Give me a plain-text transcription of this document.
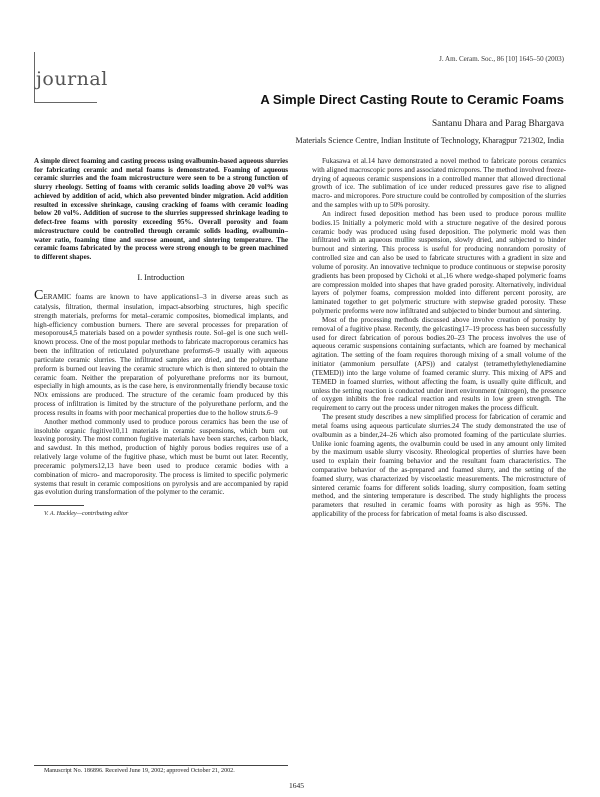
journal
J. Am. Ceram. Soc., 86 [10] 1645–50 (2003)
A Simple Direct Casting Route to Ceramic Foams
Santanu Dhara and Parag Bhargava
Materials Science Centre, Indian Institute of Technology, Kharagpur 721302, India

A simple direct foaming and casting process using ovalbumin-based aqueous slurries for fabricating ceramic and metal foams is demonstrated. Foaming of aqueous ceramic slurries and the foam microstructure were seen to be a strong function of slurry rheology. Setting of foams with ceramic solids loading above 20 vol% was achieved by addition of acid, which also prevented binder migration. Acid addition resulted in excessive shrinkage, causing cracking of foams with ceramic loading below 20 vol%. Addition of sucrose to the slurries suppressed shrinkage leading to defect-free foams with porosity exceeding 95%. Overall porosity and foam microstructure could be controlled through ceramic solids loading, ovalbumin–water ratio, foaming time and sucrose amount, and sintering temperature. The ceramic foams fabricated by the process were strong enough to be green machined to different shapes.

I. Introduction

CERAMIC foams are known to have applications1–3 in diverse areas such as catalysis, filtration, thermal insulation, impact-absorbing structures, high specific strength materials, preforms for metal–ceramic composites, biomedical implants, and high-efficiency combustion burners. There are several processes for preparation of mesoporous4,5 materials based on a powder synthesis route. Sol–gel is one such well-known process. One of the most popular methods to fabricate macroporous ceramics has been the infiltration of reticulated polyurethane preforms6–9 usually with aqueous particulate ceramic slurries. The infiltrated samples are dried, and the polyurethane preform is burned out leaving the ceramic structure which is then sintered to obtain the ceramic foam. Neither the preparation of polyurethane preforms nor its burnout, especially in high amounts, as is the case here, is environmentally friendly because toxic NOx emissions are produced. The structure of the ceramic foam produced by this process of infiltration is limited by the structure of the polyurethane perform, and the process results in foams with poor mechanical properties due to the hollow struts.6–9

Another method commonly used to produce porous ceramics has been the use of insoluble organic fugitive10,11 materials in ceramic suspensions, which burn out leaving porosity. The most common fugitive materials have been starches, carbon black, and sawdust. In this method, production of highly porous bodies requires use of a relatively large volume of the fugitive phase, which must be burnt out later. Recently, preceramic polymers12,13 have been used to produce ceramic bodies with a combination of micro- and macroporosity. The process is limited to specific polymeric systems that result in ceramic compositions on pyrolysis and are accompanied by rapid gas evolution during transformation of the polymer to the ceramic.

V. A. Hackley—contributing editor

Manuscript No. 186896. Received June 19, 2002; approved October 21, 2002.

Fukasawa et al.14 have demonstrated a novel method to fabricate porous ceramics with aligned macroscopic pores and associated micropores. The method involved freeze-drying of aqueous ceramic suspensions in a controlled manner that allowed directional growth of ice. The sublimation of ice under reduced pressures gave rise to aligned macro- and micropores. Pore structure could be controlled by composition of the slurries and the samples with up to 50% porosity.

An indirect fused deposition method has been used to produce porous mullite bodies.15 Initially a polymeric mold with a structure negative of the desired porous ceramic body was produced using fused deposition. The polymeric mold was then infiltrated with an aqueous mullite suspension, slowly dried, and subjected to binder burnout and sintering. This process is useful for producing nonrandom porosity of controlled size and can also be used to fabricate structures with a gradient in size and volume of porosity. An innovative technique to produce continuous or stepwise porosity gradients has been proposed by Cichoki et al.,16 where wedge-shaped polymeric foams are compression molded into shapes that have graded porosity. Alternatively, individual layers of polymer foams, compression molded into different percent porosity, are laminated together to get polymeric structure with stepwise graded porosity. These polymeric preforms were now infiltrated and subjected to binder burnout and sintering.

Most of the processing methods discussed above involve creation of porosity by removal of a fugitive phase. Recently, the gelcasting17–19 process has been successfully used for direct fabrication of porous bodies.20–23 The process involves the use of aqueous ceramic suspensions containing surfactants, which are foamed by mechanical agitation. The setting of the foam requires thorough mixing of a small volume of the initiator (ammonium persulfate (APS)) and catalyst (tetramethylethylenediamine (TEMED)) into the large volume of foamed ceramic slurry. This mixing of APS and TEMED in foamed slurries, without affecting the foam, is usually quite difficult, and unless the setting reaction is conducted under inert environment (nitrogen), the presence of oxygen inhibits the free radical reaction and results in low green strength. The requirement to carry out the process under nitrogen makes the process difficult.

The present study describes a new simplified process for fabrication of ceramic and metal foams using aqueous particulate slurries.24 The study demonstrated the use of ovalbumin as a binder,24–26 which also promoted foaming of the particulate slurries. Unlike ionic foaming agents, the ovalbumin could be used in any amount only limited by the maximum usable slurry viscosity. Rheological properties of slurries have been used to explain their foaming behavior and the resultant foam characteristics. The comparative behavior of the as-prepared and foamed slurry, and the setting of the foamed slurry, was characterized by viscoelastic measurements. The microstructure of sintered ceramic foams for different solids loading, slurry composition, foam setting method, and the sintering temperature is described. The study highlights the process parameters that resulted in ceramic foams with porosity as high as 95%. The applicability of the process for fabrication of metal foams is also discussed.

1645
